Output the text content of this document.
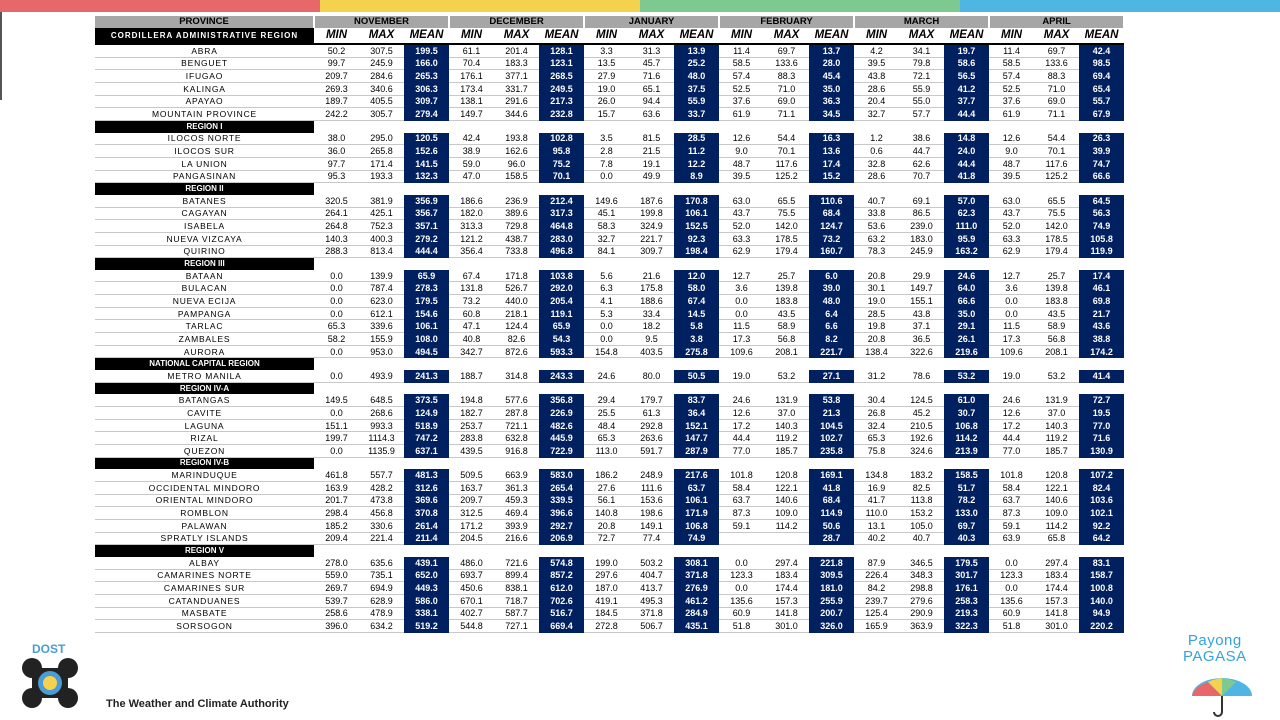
PROVINCE	NOVEMBER			DECEMBER			JANUARY			FEBRUARY			MARCH			APRIL		
CORDILLERA ADMINISTRATIVE REGION	MIN	MAX	MEAN	MIN	MAX	MEAN	MIN	MAX	MEAN	MIN	MAX	MEAN	MIN	MAX	MEAN	MIN	MAX	MEAN
ABRA	50.2	307.5	199.5	61.1	201.4	128.1	3.3	31.3	13.9	11.4	69.7	13.7	4.2	34.1	19.7	11.4	69.7	42.4
BENGUET	99.7	245.9	166.0	70.4	183.3	123.1	13.5	45.7	25.2	58.5	133.6	28.0	39.5	79.8	58.6	58.5	133.6	98.5
IFUGAO	209.7	284.6	265.3	176.1	377.1	268.5	27.9	71.6	48.0	57.4	88.3	45.4	43.8	72.1	56.5	57.4	88.3	69.4
KALINGA	269.3	340.6	306.3	173.4	331.7	249.5	19.0	65.1	37.5	52.5	71.0	35.0	28.6	55.9	41.2	52.5	71.0	65.4
APAYAO	189.7	405.5	309.7	138.1	291.6	217.3	26.0	94.4	55.9	37.6	69.0	36.3	20.4	55.0	37.7	37.6	69.0	55.7
MOUNTAIN PROVINCE	242.2	305.7	279.4	149.7	344.6	232.8	15.7	63.6	33.7	61.9	71.1	34.5	32.7	57.7	44.4	61.9	71.1	67.9
REGION I																		
ILOCOS NORTE	38.0	295.0	120.5	42.4	193.8	102.8	3.5	81.5	28.5	12.6	54.4	16.3	1.2	38.6	14.8	12.6	54.4	26.3
ILOCOS SUR	36.0	265.8	152.6	38.9	162.6	95.8	2.8	21.5	11.2	9.0	70.1	13.6	0.6	44.7	24.0	9.0	70.1	39.9
LA UNION	97.7	171.4	141.5	59.0	96.0	75.2	7.8	19.1	12.2	48.7	117.6	17.4	32.8	62.6	44.4	48.7	117.6	74.7
PANGASINAN	95.3	193.3	132.3	47.0	158.5	70.1	0.0	49.9	8.9	39.5	125.2	15.2	28.6	70.7	41.8	39.5	125.2	66.6
REGION II																		
BATANES	320.5	381.9	356.9	186.6	236.9	212.4	149.6	187.6	170.8	63.0	65.5	110.6	40.7	69.1	57.0	63.0	65.5	64.5
CAGAYAN	264.1	425.1	356.7	182.0	389.6	317.3	45.1	199.8	106.1	43.7	75.5	68.4	33.8	86.5	62.3	43.7	75.5	56.3
ISABELA	264.8	752.3	357.1	313.3	729.8	464.8	58.3	324.9	152.5	52.0	142.0	124.7	53.6	239.0	111.0	52.0	142.0	74.9
NUEVA VIZCAYA	140.3	400.3	279.2	121.2	438.7	283.0	32.7	221.7	92.3	63.3	178.5	73.2	63.2	183.0	95.9	63.3	178.5	105.8
QUIRINO	288.3	813.4	444.4	356.4	733.8	496.8	84.1	309.7	198.4	62.9	179.4	160.7	78.3	245.9	163.2	62.9	179.4	119.9
REGION III																		
BATAAN	0.0	139.9	65.9	67.4	171.8	103.8	5.6	21.6	12.0	12.7	25.7	6.0	20.8	29.9	24.6	12.7	25.7	17.4
BULACAN	0.0	787.4	278.3	131.8	526.7	292.0	6.3	175.8	58.0	3.6	139.8	39.0	30.1	149.7	64.0	3.6	139.8	46.1
NUEVA ECIJA	0.0	623.0	179.5	73.2	440.0	205.4	4.1	188.6	67.4	0.0	183.8	48.0	19.0	155.1	66.6	0.0	183.8	69.8
PAMPANGA	0.0	612.1	154.6	60.8	218.1	119.1	5.3	33.4	14.5	0.0	43.5	6.4	28.5	43.8	35.0	0.0	43.5	21.7
TARLAC	65.3	339.6	106.1	47.1	124.4	65.9	0.0	18.2	5.8	11.5	58.9	6.6	19.8	37.1	29.1	11.5	58.9	43.6
ZAMBALES	58.2	155.9	108.0	40.8	82.6	54.3	0.0	9.5	3.8	17.3	56.8	8.2	20.8	36.5	26.1	17.3	56.8	38.8
AURORA	0.0	953.0	494.5	342.7	872.6	593.3	154.8	403.5	275.8	109.6	208.1	221.7	138.4	322.6	219.6	109.6	208.1	174.2
NATIONAL CAPITAL REGION																		
METRO MANILA	0.0	493.9	241.3	188.7	314.8	243.3	24.6	80.0	50.5	19.0	53.2	27.1	31.2	78.6	53.2	19.0	53.2	41.4
REGION IV-A																		
BATANGAS	149.5	648.5	373.5	194.8	577.6	356.8	29.4	179.7	83.7	24.6	131.9	53.8	30.4	124.5	61.0	24.6	131.9	72.7
CAVITE	0.0	268.6	124.9	182.7	287.8	226.9	25.5	61.3	36.4	12.6	37.0	21.3	26.8	45.2	30.7	12.6	37.0	19.5
LAGUNA	151.1	993.3	518.9	253.7	721.1	482.6	48.4	292.8	152.1	17.2	140.3	104.5	32.4	210.5	106.8	17.2	140.3	77.0
RIZAL	199.7	1114.3	747.2	283.8	632.8	445.9	65.3	263.6	147.7	44.4	119.2	102.7	65.3	192.6	114.2	44.4	119.2	71.6
QUEZON	0.0	1135.9	637.1	439.5	916.8	722.9	113.0	591.7	287.9	77.0	185.7	235.8	75.8	324.6	213.9	77.0	185.7	130.9
REGION IV-B																		
MARINDUQUE	461.8	557.7	481.3	509.5	663.9	583.0	186.2	248.9	217.6	101.8	120.8	169.1	134.8	183.2	158.5	101.8	120.8	107.2
OCCIDENTAL MINDORO	163.9	428.2	312.6	163.7	361.3	265.4	27.6	111.6	63.7	58.4	122.1	41.8	16.9	82.5	51.7	58.4	122.1	82.4
ORIENTAL MINDORO	201.7	473.8	369.6	209.7	459.3	339.5	56.1	153.6	106.1	63.7	140.6	68.4	41.7	113.8	78.2	63.7	140.6	103.6
ROMBLON	298.4	456.8	370.8	312.5	469.4	396.6	140.8	198.6	171.9	87.3	109.0	114.9	110.0	153.2	133.0	87.3	109.0	102.1
PALAWAN	185.2	330.6	261.4	171.2	393.9	292.7	20.8	149.1	106.8	59.1	114.2	50.6	13.1	105.0	69.7	59.1	114.2	92.2
SPRATLY ISLANDS	209.4	221.4	211.4	204.5	216.6	206.9	72.7	77.4	74.9			28.7	40.2	40.7	40.3	63.9	65.8	64.2
REGION V																		
ALBAY	278.0	635.6	439.1	486.0	721.6	574.8	199.0	503.2	308.1	0.0	297.4	221.8	87.9	346.5	179.5	0.0	297.4	83.1
CAMARINES NORTE	559.0	735.1	652.0	693.7	899.4	857.2	297.6	404.7	371.8	123.3	183.4	309.5	226.4	348.3	301.7	123.3	183.4	158.7
CAMARINES SUR	269.7	694.9	449.3	450.6	838.1	612.0	187.0	413.7	276.9	0.0	174.4	181.0	84.2	298.8	176.1	0.0	174.4	100.8
CATANDUANES	539.7	628.9	586.0	670.1	718.7	702.6	419.1	495.3	461.2	135.6	157.3	255.9	239.7	279.6	258.3	135.6	157.3	140.0
MASBATE	258.6	478.9	338.1	402.7	587.7	516.7	184.5	371.8	284.9	60.9	141.8	200.7	125.4	290.9	219.3	60.9	141.8	94.9
SORSOGON	396.0	634.2	519.2	544.8	727.1	669.4	272.8	506.7	435.1	51.8	301.0	326.0	165.9	363.9	322.3	51.8	301.0	220.2
DOST
The Weather and Climate Authority
Payong
PAGASA
